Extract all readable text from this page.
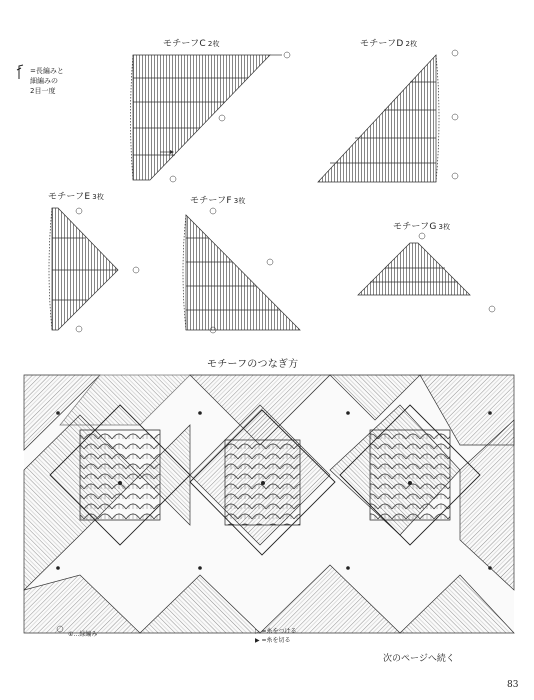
=長編みと
細編みの
2目一度
モチーフC 2枚	モチーフD 2枚
モチーフE 3枚	モチーフF 3枚
モチーフG 3枚
モチーフのつなぎ方
①…緑編み	▷ =糸をつける
▶ =糸を切る
次のページへ続く
83
